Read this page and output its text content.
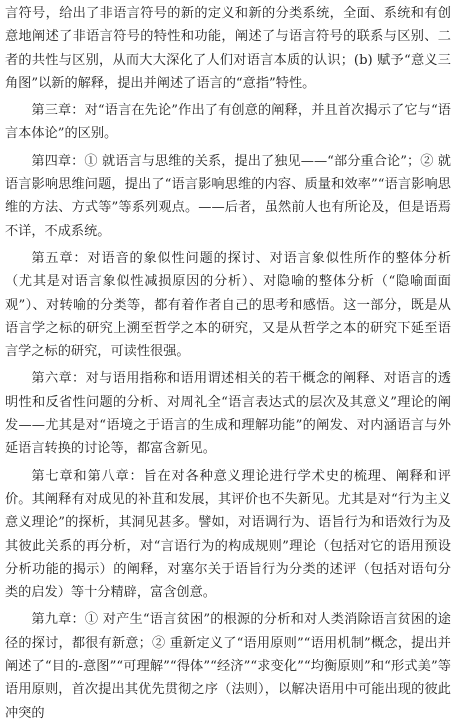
言符号，给出了非语言符号的新的定义和新的分类系统，全面、系统和有创意地阐述了非语言符号的特性和功能，阐述了与语言符号的联系与区别、二者的共性与区别，从而大大深化了人们对语言本质的认识；(b) 赋予“意义三角图”以新的解释，提出并阐述了语言的“意指”特性。

第三章：对“语言在先论”作出了有创意的阐释，并且首次揭示了它与“语言本体论”的区别。

第四章：① 就语言与思维的关系，提出了独见——“部分重合论”；② 就语言影响思维问题，提出了“语言影响思维的内容、质量和效率”“语言影响思维的方法、方式等”等系列观点。——后者，虽然前人也有所论及，但是语焉不详，不成系统。

第五章：对语音的象似性问题的探讨、对语言象似性所作的整体分析（尤其是对语言象似性减损原因的分析）、对隐喻的整体分析（“隐喻面面观”）、对转喻的分类等，都有着作者自己的思考和感悟。这一部分，既是从语言学之标的研究上溯至哲学之本的研究，又是从哲学之本的研究下延至语言学之标的研究，可读性很强。

第六章：对与语用指称和语用谓述相关的若干概念的阐释、对语言的透明性和反省性问题的分析、对周礼全“语言表达式的层次及其意义”理论的阐发——尤其是对“语境之于语言的生成和理解功能”的阐发、对内涵语言与外延语言转换的讨论等，都富含新见。

第七章和第八章：旨在对各种意义理论进行学术史的梳理、阐释和评价。其阐释有对成见的补苴和发展，其评价也不失新见。尤其是对“行为主义意义理论”的探析，其洞见甚多。譬如，对语调行为、语旨行为和语效行为及其彼此关系的再分析，对“言语行为的构成规则”理论（包括对它的语用预设分析功能的揭示）的阐释，对塞尔关于语旨行为分类的述评（包括对语句分类的启发）等十分精辟，富含创意。

第九章：① 对产生“语言贫困”的根源的分析和对人类消除语言贫困的途径的探讨，都很有新意；② 重新定义了“语用原则”“语用机制”概念，提出并阐述了“目的-意图”“可理解”“得体”“经济”“求变化”“均衡原则”和“形式美”等语用原则，首次提出其优先贯彻之序（法则），以解决语用中可能出现的彼此冲突的
